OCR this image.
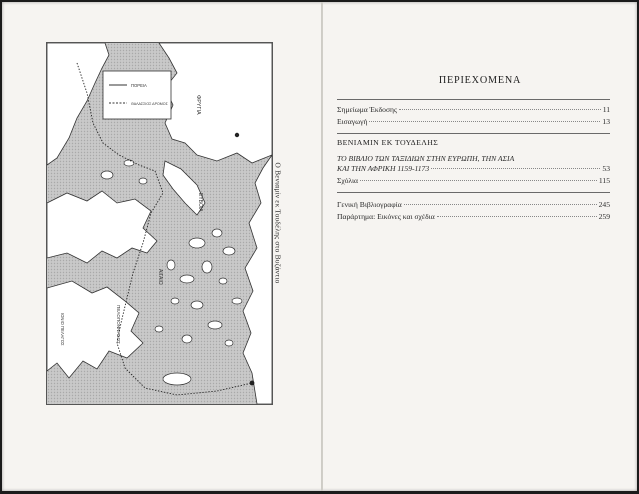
ΠΟΡΕΙΑ
ΘΑΛΑΣΣΙΟΣ ΔΡΟΜΟΣ	ΦΡΥΓΙΑ
ΕΥΒΟΙΑ
ΑΙΓΑΙΟ
ΠΕΛΟΠΟΝΝΗΣΟΣ
ΙΟΝΙΟ ΠΕΛΑΓΟΣ
Ο Βενιαμίν εκ Τουδέλης στο Βυζάντιο
ΠΕΡΙΕΧΟΜΕΝΑ
Σημείωμα Έκδοσης	11
Εισαγωγή	13
ΒΕΝΙΑΜΙΝ ΕΚ ΤΟΥΔΕΛΗΣ
ΤΟ ΒΙΒΛΙΟ ΤΩΝ ΤΑΞΙΔΙΩΝ ΣΤΗΝ ΕΥΡΩΠΗ, ΤΗΝ ΑΣΙΑ
ΚΑΙ ΤΗΝ ΑΦΡΙΚΗ 1159-1173	53
Σχόλια	115
Γενική Βιβλιογραφία	245
Παράρτημα: Εικόνες και σχέδια	259
